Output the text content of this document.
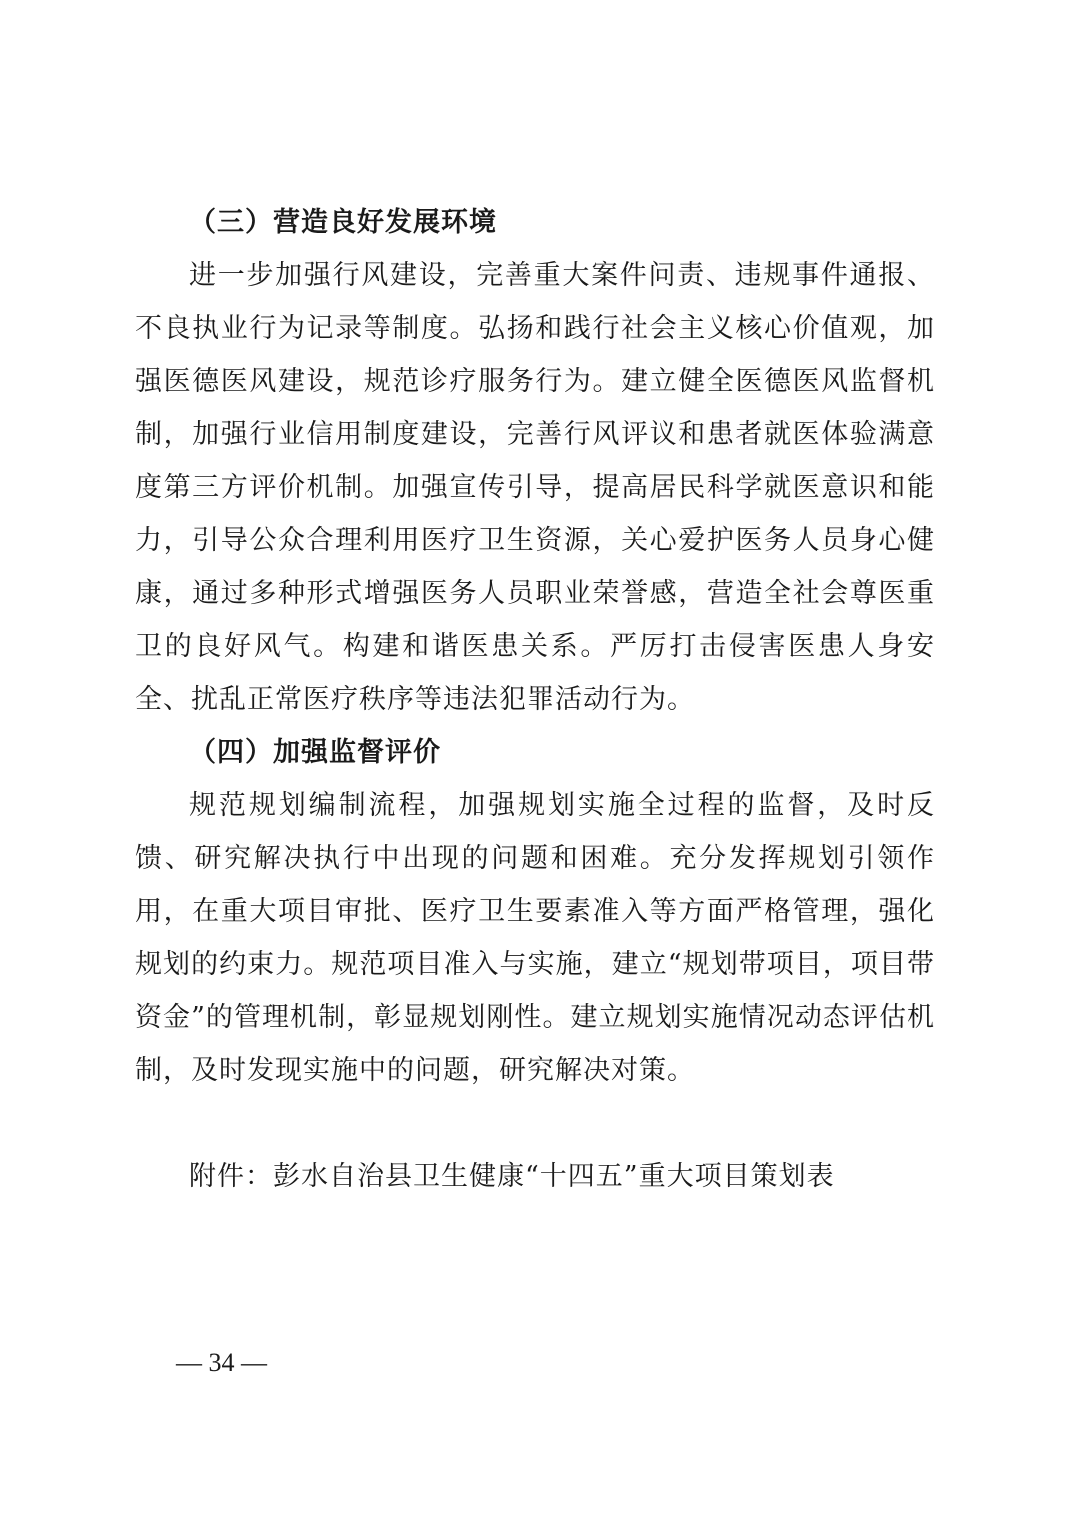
（三）营造良好发展环境

进一步加强行风建设，完善重大案件问责、违规事件通报、不良执业行为记录等制度。弘扬和践行社会主义核心价值观，加强医德医风建设，规范诊疗服务行为。建立健全医德医风监督机制，加强行业信用制度建设，完善行风评议和患者就医体验满意度第三方评价机制。加强宣传引导，提高居民科学就医意识和能力，引导公众合理利用医疗卫生资源，关心爱护医务人员身心健康，通过多种形式增强医务人员职业荣誉感，营造全社会尊医重卫的良好风气。构建和谐医患关系。严厉打击侵害医患人身安全、扰乱正常医疗秩序等违法犯罪活动行为。

（四）加强监督评价

规范规划编制流程，加强规划实施全过程的监督，及时反馈、研究解决执行中出现的问题和困难。充分发挥规划引领作用，在重大项目审批、医疗卫生要素准入等方面严格管理，强化规划的约束力。规范项目准入与实施，建立“规划带项目，项目带资金”的管理机制，彰显规划刚性。建立规划实施情况动态评估机制，及时发现实施中的问题，研究解决对策。

附件：彭水自治县卫生健康“十四五”重大项目策划表

— 34 —
